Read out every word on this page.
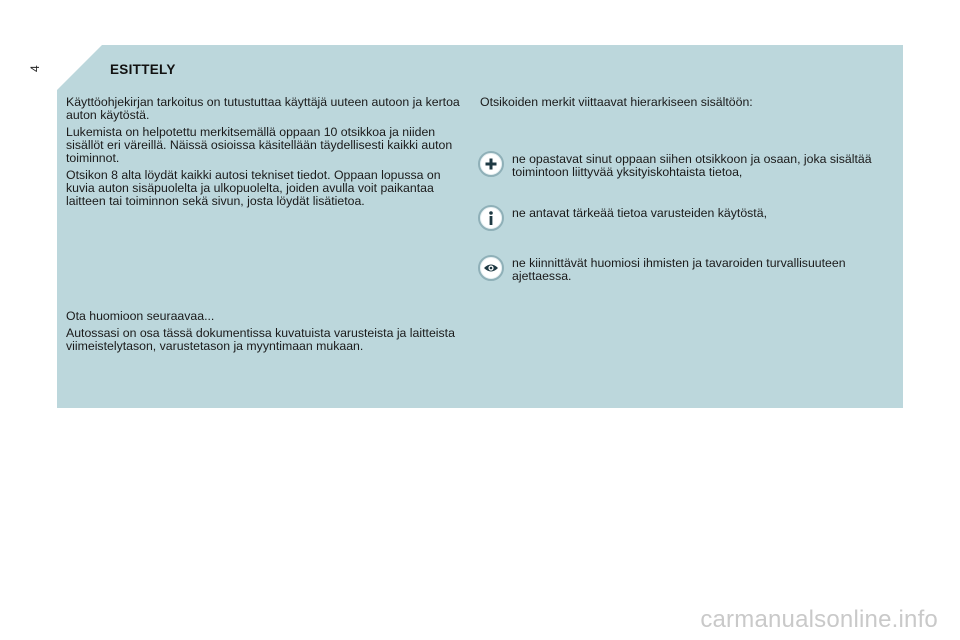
4	ESITTELY

Käyttöohjekirjan tarkoitus on tutustuttaa käyttäjä uuteen autoon ja kertoa auton käytöstä.

Lukemista on helpotettu merkitsemällä oppaan 10 otsikkoa ja niiden sisällöt eri väreillä. Näissä osioissa käsitellään täydellisesti kaikki auton toiminnot.

Otsikon 8 alta löydät kaikki autosi tekniset tiedot. Oppaan lopussa on kuvia auton sisäpuolelta ja ulkopuolelta, joiden avulla voit paikantaa laitteen tai toiminnon sekä sivun, josta löydät lisätietoa.

Ota huomioon seuraavaa...

Autossasi on osa tässä dokumentissa kuvatuista varusteista ja laitteista viimeistelytason, varustetason ja myyntimaan mukaan.

Otsikoiden merkit viittaavat hierarkiseen sisältöön:
ne opastavat sinut oppaan siihen otsikkoon ja osaan, joka sisältää toimintoon liittyvää yksityiskohtaista tietoa,
ne antavat tärkeää tietoa varusteiden käytöstä,
ne kiinnittävät huomiosi ihmisten ja tavaroiden turvallisuuteen ajettaessa.
carmanualsonline.info
